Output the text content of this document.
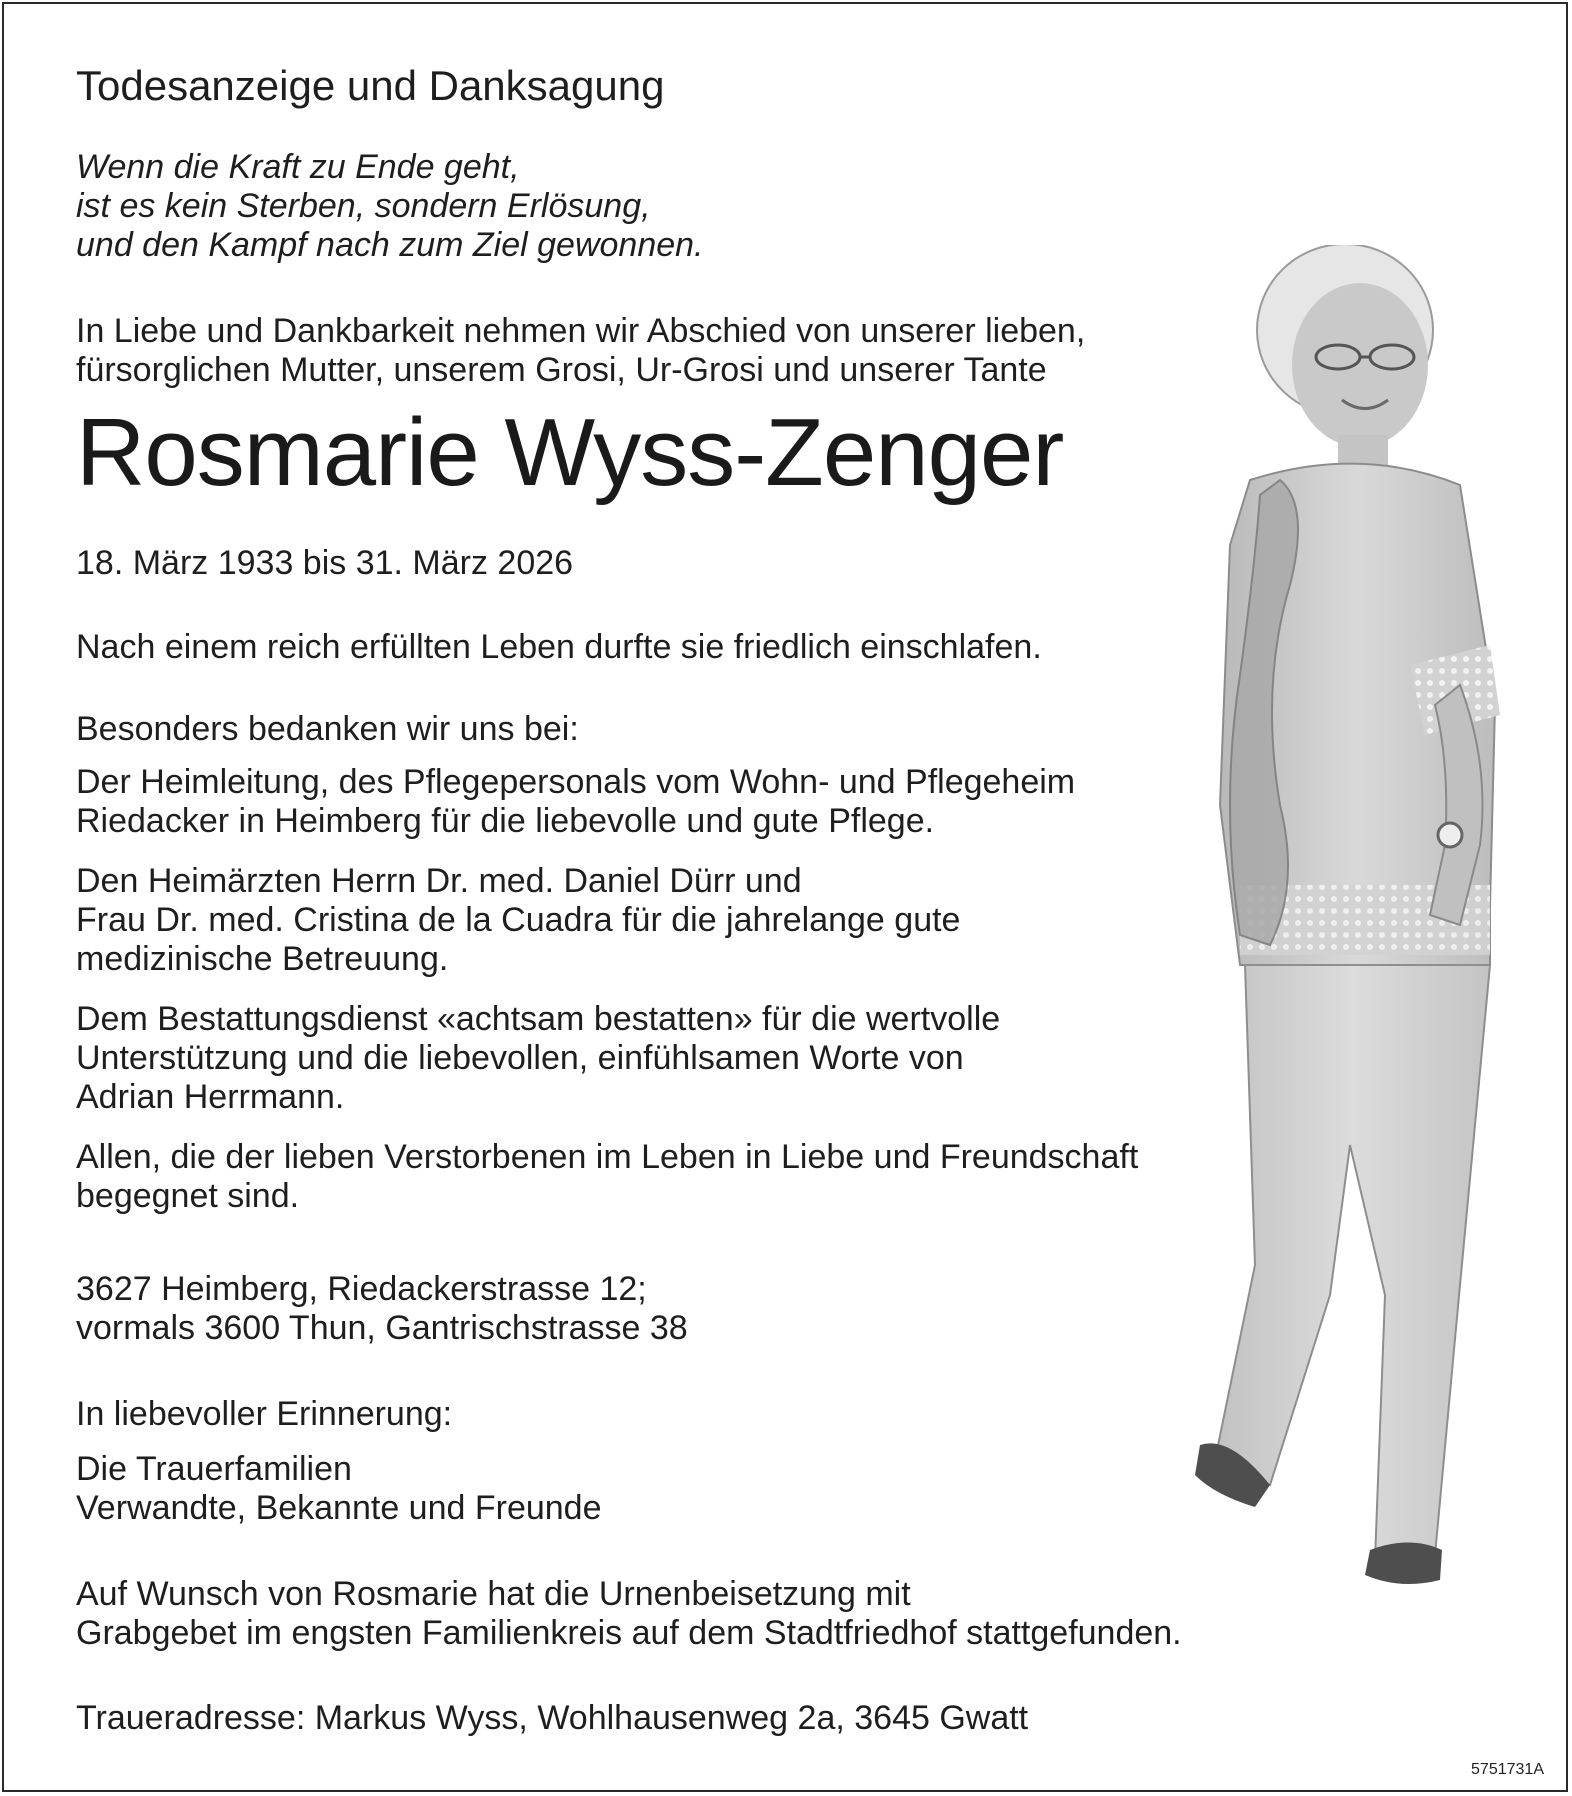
Todesanzeige und Danksagung
Wenn die Kraft zu Ende geht,
ist es kein Sterben, sondern Erlösung,
und den Kampf nach zum Ziel gewonnen.
In Liebe und Dankbarkeit nehmen wir Abschied von unserer lieben,
fürsorglichen Mutter, unserem Grosi, Ur-Grosi und unserer Tante
Rosmarie Wyss-Zenger
18. März 1933 bis 31. März 2026
Nach einem reich erfüllten Leben durfte sie friedlich einschlafen.
Besonders bedanken wir uns bei:
Der Heimleitung, des Pflegepersonals vom Wohn- und Pflegeheim
Riedacker in Heimberg für die liebevolle und gute Pflege.
Den Heimärzten Herrn Dr. med. Daniel Dürr und
Frau Dr. med. Cristina de la Cuadra für die jahrelange gute
medizinische Betreuung.
Dem Bestattungsdienst «achtsam bestatten» für die wertvolle
Unterstützung und die liebevollen, einfühlsamen Worte von
Adrian Herrmann.
Allen, die der lieben Verstorbenen im Leben in Liebe und Freundschaft
begegnet sind.
3627 Heimberg, Riedackerstrasse 12;
vormals 3600 Thun, Gantrischstrasse 38
In liebevoller Erinnerung:
Die Trauerfamilien
Verwandte, Bekannte und Freunde
Auf Wunsch von Rosmarie hat die Urnenbeisetzung mit
Grabgebet im engsten Familienkreis auf dem Stadtfriedhof stattgefunden.
Traueradresse: Markus Wyss, Wohlhausenweg 2a, 3645 Gwatt
5751731A
